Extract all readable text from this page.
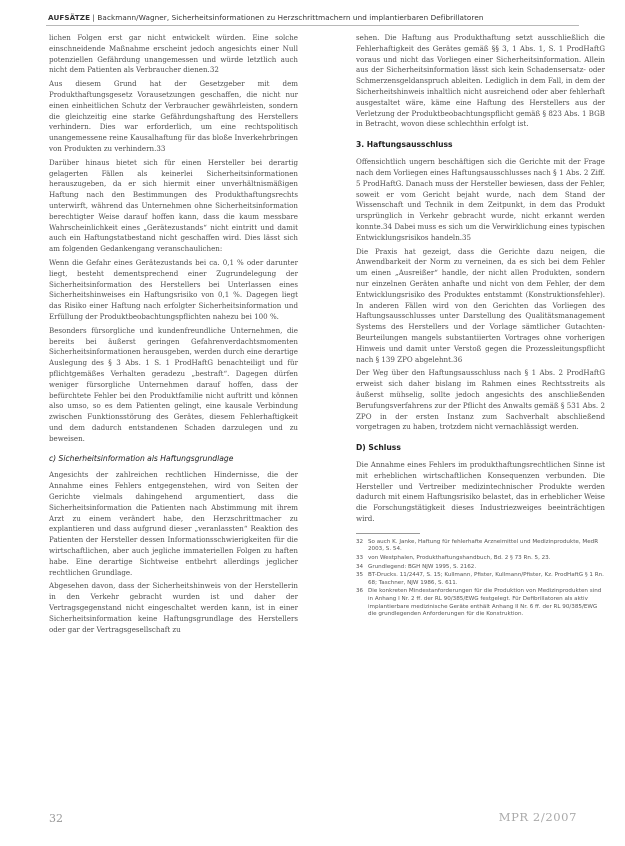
AUFSÄTZE | Backmann/Wagner, Sicherheitsinformationen zu Herzschrittmachern und implantierbaren Defibrillatoren

lichen Folgen erst gar nicht entwickelt würden. Eine solche einschneidende Maßnahme erscheint jedoch angesichts einer Null potenziellen Gefährdung unangemessen und würde letztlich auch nicht dem Patienten als Verbraucher dienen.32

Aus diesem Grund hat der Gesetzgeber mit dem Produkthaftungsgesetz Vorausetzungen geschaffen, die nicht nur einen einheitlichen Schutz der Verbraucher gewährleisten, sondern die gleichzeitig eine starke Gefährdungshaftung des Herstellers verhindern. Dies war erforderlich, um eine rechtspolitisch unangemessene reine Kausalhaftung für das bloße Inverkehrbringen von Produkten zu verhindern.33

Darüber hinaus bietet sich für einen Hersteller bei derartig gelagerten Fällen als keinerlei Sicherheitsinformationen herauszugeben, da er sich hiermit einer unverhältnismäßigen Haftung nach den Bestimmungen des Produkthaftungsrechts unterwirft, während das Unternehmen ohne Sicherheitsinformation berechtigter Weise darauf hoffen kann, dass die kaum messbare Wahrscheinlichkeit eines „Gerätezustands“ nicht eintritt und damit auch ein Haftungstatbestand nicht geschaffen wird. Dies lässt sich am folgenden Gedankengang veranschaulichen:

Wenn die Gefahr eines Gerätezustands bei ca. 0,1 % oder darunter liegt, besteht dementsprechend einer Zugrundelegung der Sicherheitsinformation des Herstellers bei Unterlassen eines Sicherheitshinweises ein Haftungsrisiko von 0,1 %. Dagegen liegt das Risiko einer Haftung nach erfolgter Sicherheitsinformation und Erfüllung der Produktbeobachtungspflichten nahezu bei 100 %.

Besonders fürsorgliche und kundenfreundliche Unternehmen, die bereits bei äußerst geringen Gefahrenverdachtsmomenten Sicherheitsinformationen herausgeben, werden durch eine derartige Auslegung des § 3 Abs. 1 S. 1 ProdHaftG benachteiligt und für pflichtgemäßes Verhalten geradezu „bestraft“. Dagegen dürfen weniger fürsorgliche Unternehmen darauf hoffen, dass der befürchtete Fehler bei den Produktfamilie nicht auftritt und können also umso, so es dem Patienten gelingt, eine kausale Verbindung zwischen Funktionsstörung des Gerätes, diesem Fehlerhaftigkeit und dem dadurch entstandenen Schaden darzulegen und zu beweisen.

c) Sicherheitsinformation als Haftungsgrundlage

Angesichts der zahlreichen rechtlichen Hindernisse, die der Annahme eines Fehlers entgegenstehen, wird von Seiten der Gerichte vielmals dahingehend argumentiert, dass die Sicherheitsinformation die Patienten nach Abstimmung mit ihrem Arzt zu einem verändert habe, den Herzschrittmacher zu explantieren und dass aufgrund dieser „veranlassten“ Reaktion des Patienten der Hersteller dessen Informationsschwierigkeiten für die wirtschaftlichen, aber auch jegliche immateriellen Folgen zu haften habe. Eine derartige Sichtweise entbehrt allerdings jeglicher rechtlichen Grundlage.

Abgesehen davon, dass der Sicherheitshinweis von der Herstellerin in den Verkehr gebracht wurden ist und daher der Vertragsgegenstand nicht eingeschaltet werden kann, ist in einer Sicherheitsinformation keine Haftungsgrundlage des Herstellers oder gar der Vertragsgesellschaft zu

sehen. Die Haftung aus Produkthaftung setzt ausschließlich die Fehlerhaftigkeit des Gerätes gemäß §§ 3, 1 Abs. 1, S. 1 ProdHaftG voraus und nicht das Vorliegen einer Sicherheitsinformation. Allein aus der Sicherheitsinformation lässt sich kein Schadensersatz- oder Schmerzensgeldanspruch ableiten. Lediglich in dem Fall, in dem der Sicherheitshinweis inhaltlich nicht ausreichend oder aber fehlerhaft ausgestaltet wäre, käme eine Haftung des Herstellers aus der Verletzung der Produktbeobachtungspflicht gemäß § 823 Abs. 1 BGB in Betracht, wovon diese schlechthin erfolgt ist.

3. Haftungsausschluss

Offensichtlich ungern beschäftigen sich die Gerichte mit der Frage nach dem Vorliegen eines Haftungsausschlusses nach § 1 Abs. 2 Ziff. 5 ProdHaftG. Danach muss der Hersteller bewiesen, dass der Fehler, soweit er vom Gericht bejaht wurde, nach dem Stand der Wissenschaft und Technik in dem Zeitpunkt, in dem das Produkt ursprünglich in Verkehr gebracht wurde, nicht erkannt werden konnte.34 Dabei muss es sich um die Verwirklichung eines typischen Entwicklungsrisikos handeln.35

Die Praxis hat gezeigt, dass die Gerichte dazu neigen, die Anwendbarkeit der Norm zu verneinen, da es sich bei dem Fehler um einen „Ausreißer“ handle, der nicht allen Produkten, sondern nur einzelnen Geräten anhafte und nicht von dem Fehler, der dem Entwicklungsrisiko des Produktes entstammt (Konstruktionsfehler). In anderen Fällen wird von den Gerichten das Vorliegen des Haftungsausschlusses unter Darstellung des Qualitätsmanagement Systems des Herstellers und der Vorlage sämtlicher Gutachten-Beurteilungen mangels substantiierten Vortrages ohne vorherigen Hinweis und damit unter Verstoß gegen die Prozessleitungspflicht nach § 139 ZPO abgelehnt.36

Der Weg über den Haftungsausschluss nach § 1 Abs. 2 ProdHaftG erweist sich daher bislang im Rahmen eines Rechtsstreits als äußerst mühselig, sollte jedoch angesichts des anschließenden Berufungsverfahrens zur der Pflicht des Anwalts gemäß § 531 Abs. 2 ZPO in der ersten Instanz zum Sachverhalt abschließend vorgetragen zu haben, trotzdem nicht vernachlässigt werden.

D) Schluss

Die Annahme eines Fehlers im produkthaftungsrechtlichen Sinne ist mit erheblichen wirtschaftlichen Konsequenzen verbunden. Die Hersteller und Vertreiber medizintechnischer Produkte werden dadurch mit einem Haftungsrisiko belastet, das in erheblicher Weise die Forschungstätigkeit dieses Industriezweiges beeinträchtigen wird.

32 So auch K. Janke, Haftung für fehlerhafte Arzneimittel und Medizinprodukte, MedR 2003, S. 54.
33 von Westphalen, Produkthaftungshandbuch, Bd. 2 § 73 Rn. 5, 23.
34 Grundlegend: BGH NJW 1995, S. 2162.
35 BT-Drucks. 11/2447, S. 15; Kullmann, Pfister, Kullmann/Pfister, Kz. ProdHaftG § 1 Rn. 68; Taschner, NJW 1986, S. 611.
36 Die konkreten Mindestanforderungen für die Produktion von Medizinprodukten sind in Anhang I Nr. 2 ff. der RL 90/385/EWG festgelegt. Für Defibrillatoren als aktiv implantierbare medizinische Geräte enthält Anhang II Nr. 6 ff. der RL 90/385/EWG die grundlegenden Anforderungen für die Konstruktion.
32	MPR 2/2007
